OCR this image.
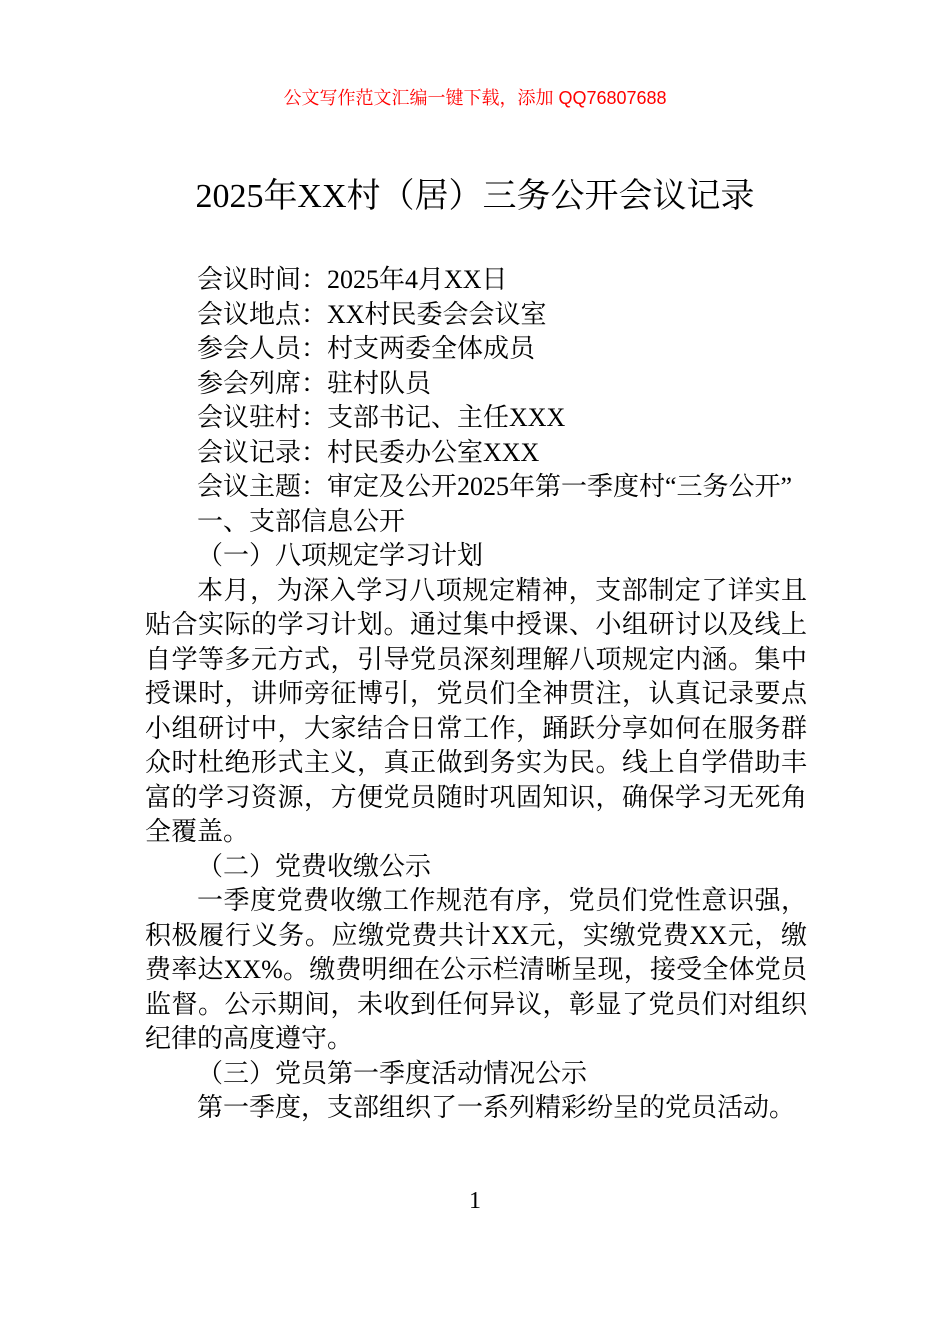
公文写作范文汇编一键下载，添加 QQ76807688
2025年XX村（居）三务公开会议记录

会议时间：2025年4月XX日

会议地点：XX村民委会会议室

参会人员：村支两委全体成员

参会列席：驻村队员

会议驻村：支部书记、主任XXX

会议记录：村民委办公室XXX

会议主题：审定及公开2025年第一季度村“三务公开”

一、支部信息公开

（一）八项规定学习计划

本月，为深入学习八项规定精神，支部制定了详实且贴合实际的学习计划。通过集中授课、小组研讨以及线上自学等多元方式，引导党员深刻理解八项规定内涵。集中授课时，讲师旁征博引，党员们全神贯注，认真记录要点小组研讨中，大家结合日常工作，踊跃分享如何在服务群众时杜绝形式主义，真正做到务实为民。线上自学借助丰富的学习资源，方便党员随时巩固知识，确保学习无死角全覆盖。

（二）党费收缴公示

一季度党费收缴工作规范有序，党员们党性意识强，积极履行义务。应缴党费共计XX元，实缴党费XX元，缴费率达XX%。缴费明细在公示栏清晰呈现，接受全体党员监督。公示期间，未收到任何异议，彰显了党员们对组织纪律的高度遵守。

（三）党员第一季度活动情况公示

第一季度，支部组织了一系列精彩纷呈的党员活动。

1
